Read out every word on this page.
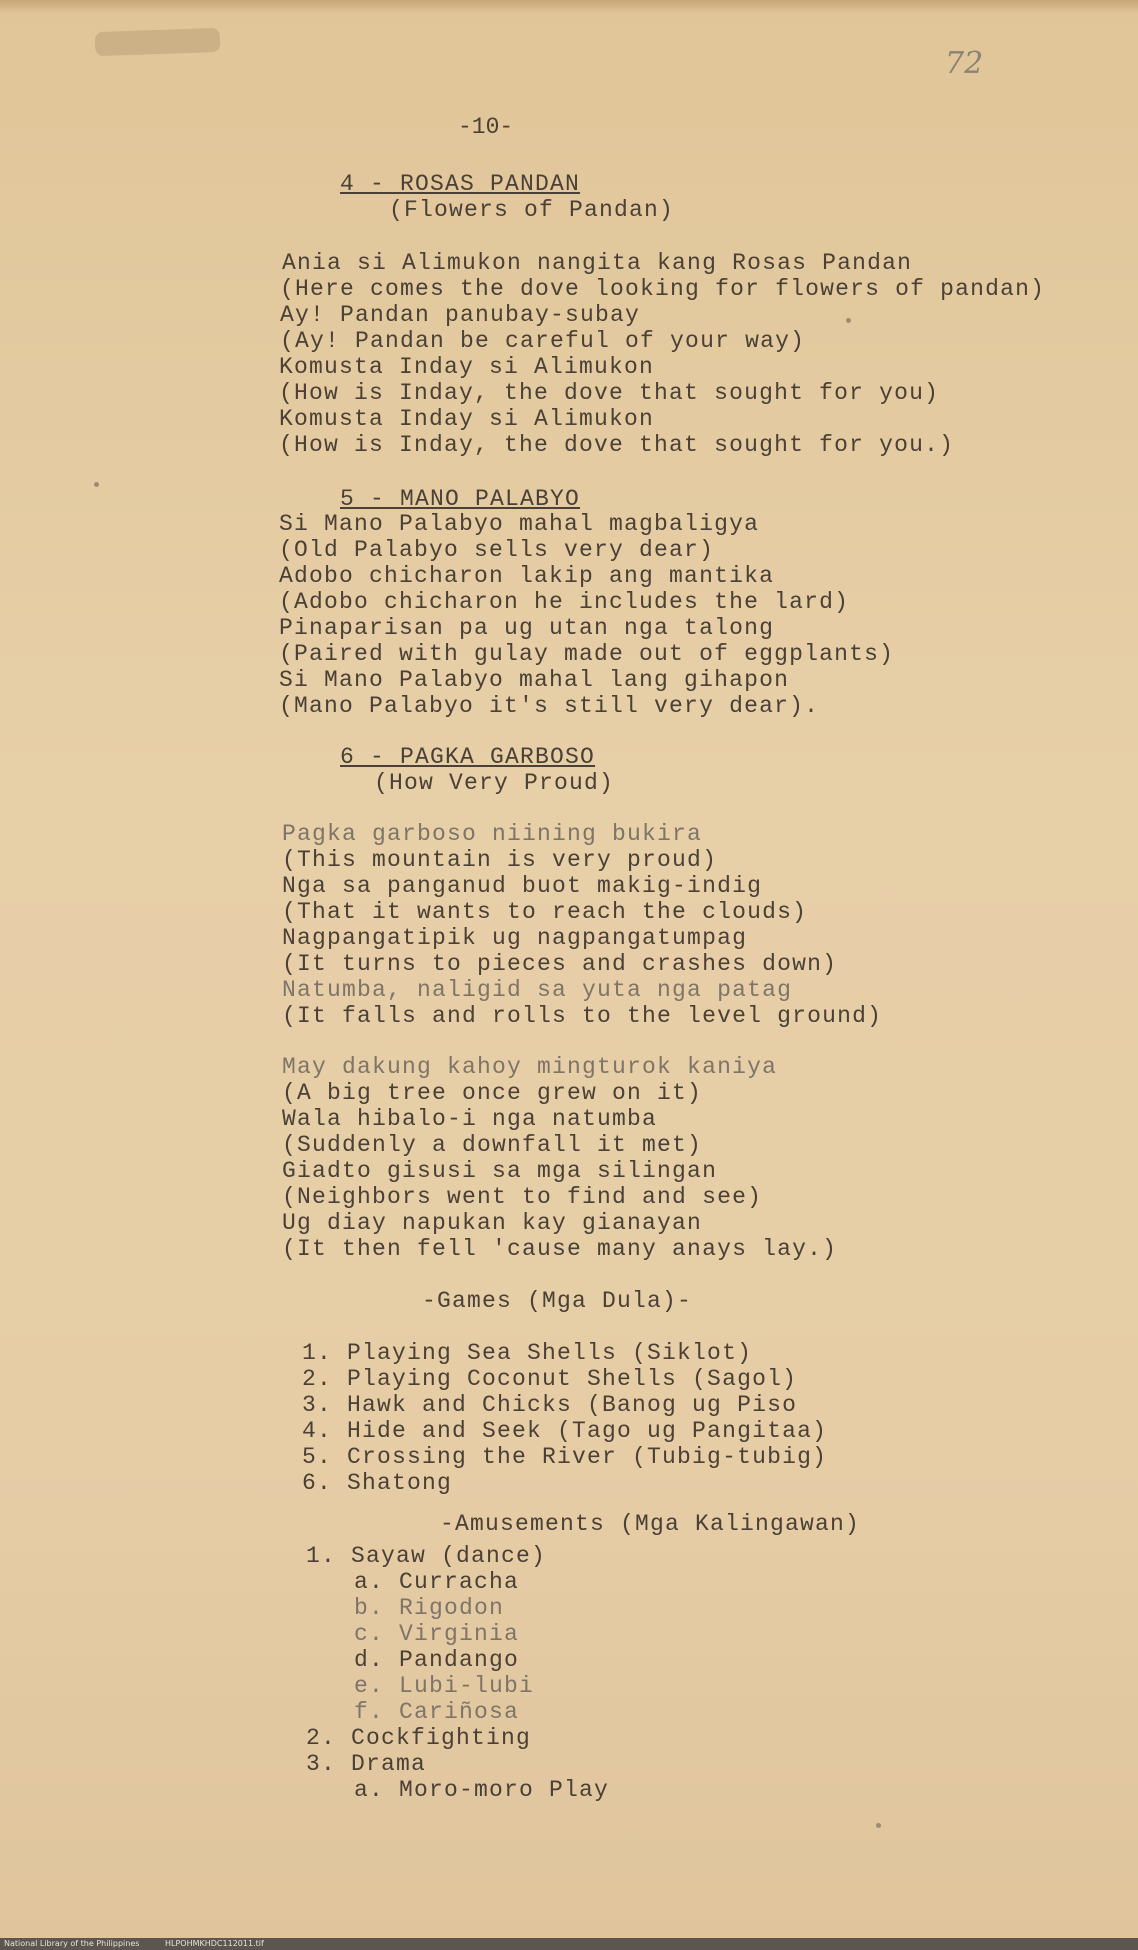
72
-10-
4 - ROSAS PANDAN
(Flowers of Pandan)
Ania si Alimukon nangita kang Rosas Pandan
(Here comes the dove looking for flowers of pandan)
Ay! Pandan panubay-subay
(Ay! Pandan be careful of your way)
Komusta Inday si Alimukon
(How is Inday, the dove that sought for you)
Komusta Inday si Alimukon
(How is Inday, the dove that sought for you.)
5 - MANO PALABYO
Si Mano Palabyo mahal magbaligya
(Old Palabyo sells very dear)
Adobo chicharon lakip ang mantika
(Adobo chicharon he includes the lard)
Pinaparisan pa ug utan nga talong
(Paired with gulay made out of eggplants)
Si Mano Palabyo mahal lang gihapon
(Mano Palabyo it's still very dear).
6 - PAGKA GARBOSO
(How Very Proud)
Pagka garboso niining bukira
(This mountain is very proud)
Nga sa panganud buot makig-indig
(That it wants to reach the clouds)
Nagpangatipik ug nagpangatumpag
(It turns to pieces and crashes down)
Natumba, naligid sa yuta nga patag
(It falls and rolls to the level ground)
May dakung kahoy mingturok kaniya
(A big tree once grew on it)
Wala hibalo-i nga natumba
(Suddenly a downfall it met)
Giadto gisusi sa mga silingan
(Neighbors went to find and see)
Ug diay napukan kay gianayan
(It then fell 'cause many anays lay.)
-Games (Mga Dula)-
1. Playing Sea Shells (Siklot)
2. Playing Coconut Shells (Sagol)
3. Hawk and Chicks (Banog ug Piso
4. Hide and Seek (Tago ug Pangitaa)
5. Crossing the River (Tubig-tubig)
6. Shatong
-Amusements (Mga Kalingawan)
1. Sayaw (dance)
a. Curracha
b. Rigodon
c. Virginia
d. Pandango
e. Lubi-lubi
f. Cariñosa
2. Cockfighting
3. Drama
a. Moro-moro Play
National Library of the Philippines	HLPOHMKHDC112011.tif
